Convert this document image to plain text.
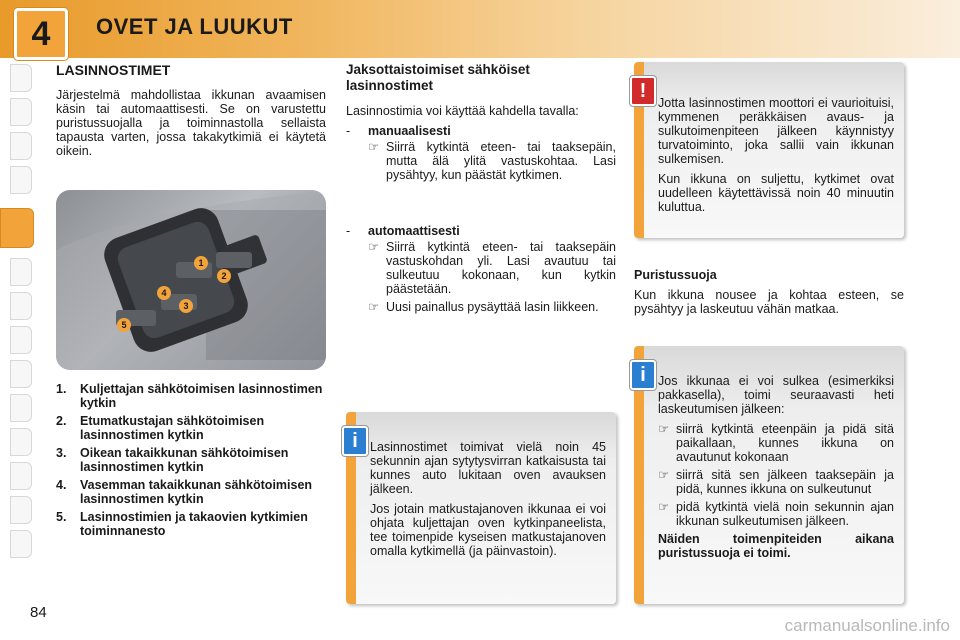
4 OVET JA LUUKUT
LASINNOSTIMET

Järjestelmä mahdollistaa ikkunan avaamisen käsin tai automaattisesti. Se on varustettu puristussuojalla ja toiminnastolla sellaista tapausta varten, jossa takakytkimiä ei käytetä oikein.

1
2
3
4
5
1.	Kuljettajan sähkötoimisen lasinnostimen kytkin
2.	Etumatkustajan sähkötoimisen lasinnostimen kytkin
3.	Oikean takaikkunan sähkötoimisen lasinnostimen kytkin
4.	Vasemman takaikkunan sähkötoimisen lasinnostimen kytkin
5.	Lasinnostimien ja takaovien kytkimien toiminnanesto
Jaksottaistoimiset sähköiset lasinnostimet

Lasinnostimia voi käyttää kahdella tavalla:

-	manuaalisesti
☞ Siirrä kytkintä eteen- tai taaksepäin, mutta älä ylitä vastuskohtaa. Lasi pysähtyy, kun päästät kytkimen.
-	automaattisesti
☞ Siirrä kytkintä eteen- tai taaksepäin vastuskohdan yli. Lasi avautuu tai sulkeutuu kokonaan, kun kytkin päästetään.
☞ Uusi painallus pysäyttää lasin liikkeen.

Lasinnostimet toimivat vielä noin 45 sekunnin ajan sytytysvirran katkaisusta tai kunnes auto lukitaan oven avauksen jälkeen.

Jos jotain matkustajanoven ikkunaa ei voi ohjata kuljettajan oven kytkinpaneelista, tee toimenpide kyseisen matkustajanoven omalla kytkimellä (ja päinvastoin).

i

Jotta lasinnostimen moottori ei vaurioituisi, kymmenen peräkkäisen avaus- ja sulkutoimenpiteen jälkeen käynnistyy turvatoiminto, joka sallii vain ikkunan sulkemisen.

Kun ikkuna on suljettu, kytkimet ovat uudelleen käytettävissä noin 40 minuutin kuluttua.

!
Puristussuoja

Kun ikkuna nousee ja kohtaa esteen, se pysähtyy ja laskeutuu vähän matkaa.

Jos ikkunaa ei voi sulkea (esimerkiksi pakkasella), toimi seuraavasti heti laskeutumisen jälkeen:

☞ siirrä kytkintä eteenpäin ja pidä sitä paikallaan, kunnes ikkuna on avautunut kokonaan
☞ siirrä sitä sen jälkeen taaksepäin ja pidä, kunnes ikkuna on sulkeutunut
☞ pidä kytkintä vielä noin sekunnin ajan ikkunan sulkeutumisen jälkeen.

Näiden toimenpiteiden aikana puristussuoja ei toimi.

i
84
carmanualsonline.info
